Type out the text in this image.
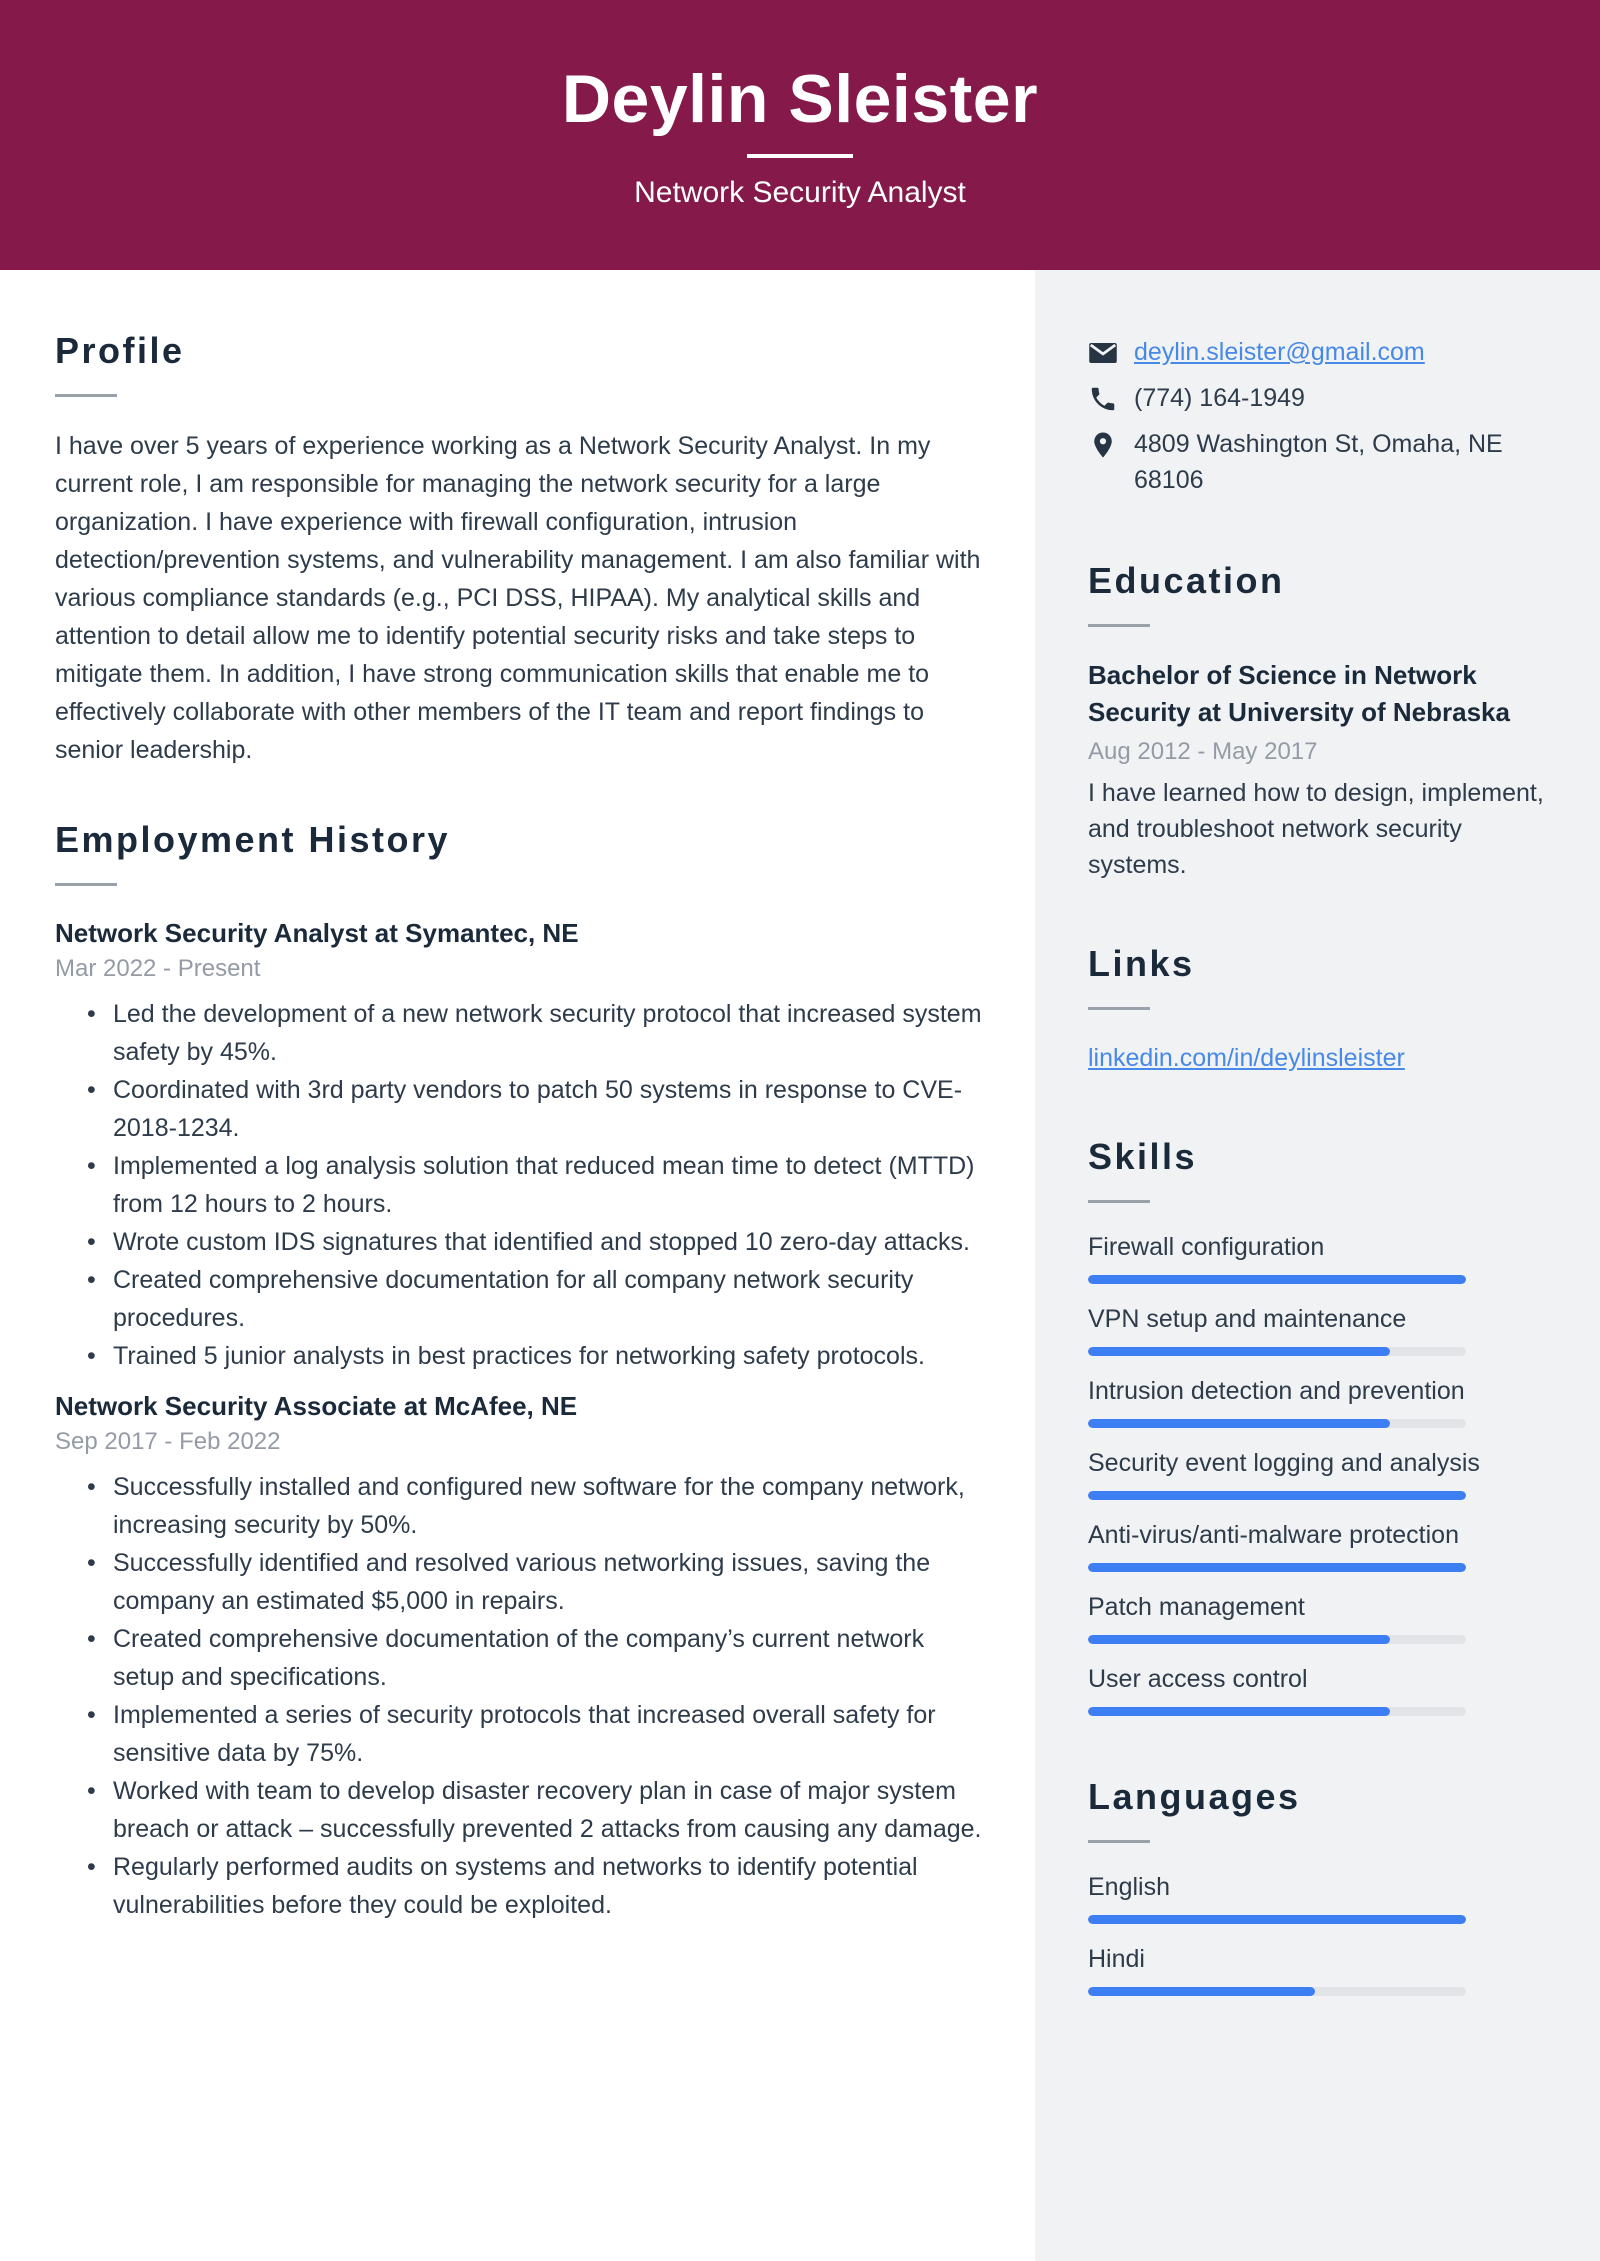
Deylin Sleister
Network Security Analyst
Profile

I have over 5 years of experience working as a Network Security Analyst. In my current role, I am responsible for managing the network security for a large organization. I have experience with firewall configuration, intrusion detection/prevention systems, and vulnerability management. I am also familiar with various compliance standards (e.g., PCI DSS, HIPAA). My analytical skills and attention to detail allow me to identify potential security risks and take steps to mitigate them. In addition, I have strong communication skills that enable me to effectively collaborate with other members of the IT team and report findings to senior leadership.

Employment History
Network Security Analyst at Symantec, NE
Mar 2022 - Present
• Led the development of a new network security protocol that increased system safety by 45%.
• Coordinated with 3rd party vendors to patch 50 systems in response to CVE-2018-1234.
• Implemented a log analysis solution that reduced mean time to detect (MTTD) from 12 hours to 2 hours.
• Wrote custom IDS signatures that identified and stopped 10 zero-day attacks.
• Created comprehensive documentation for all company network security procedures.
• Trained 5 junior analysts in best practices for networking safety protocols.
Network Security Associate at McAfee, NE
Sep 2017 - Feb 2022
• Successfully installed and configured new software for the company network, increasing security by 50%.
• Successfully identified and resolved various networking issues, saving the company an estimated $5,000 in repairs.
• Created comprehensive documentation of the company’s current network setup and specifications.
• Implemented a series of security protocols that increased overall safety for sensitive data by 75%.
• Worked with team to develop disaster recovery plan in case of major system breach or attack – successfully prevented 2 attacks from causing any damage.
• Regularly performed audits on systems and networks to identify potential vulnerabilities before they could be exploited.
deylin.sleister@gmail.com
(774) 164-1949
4809 Washington St, Omaha, NE 68106
Education
Bachelor of Science in Network Security at University of Nebraska
Aug 2012 - May 2017
I have learned how to design, implement, and troubleshoot network security systems.
Links
linkedin.com/in/deylinsleister
Skills
Firewall configuration
VPN setup and maintenance
Intrusion detection and prevention
Security event logging and analysis
Anti-virus/anti-malware protection
Patch management
User access control
Languages
English
Hindi
